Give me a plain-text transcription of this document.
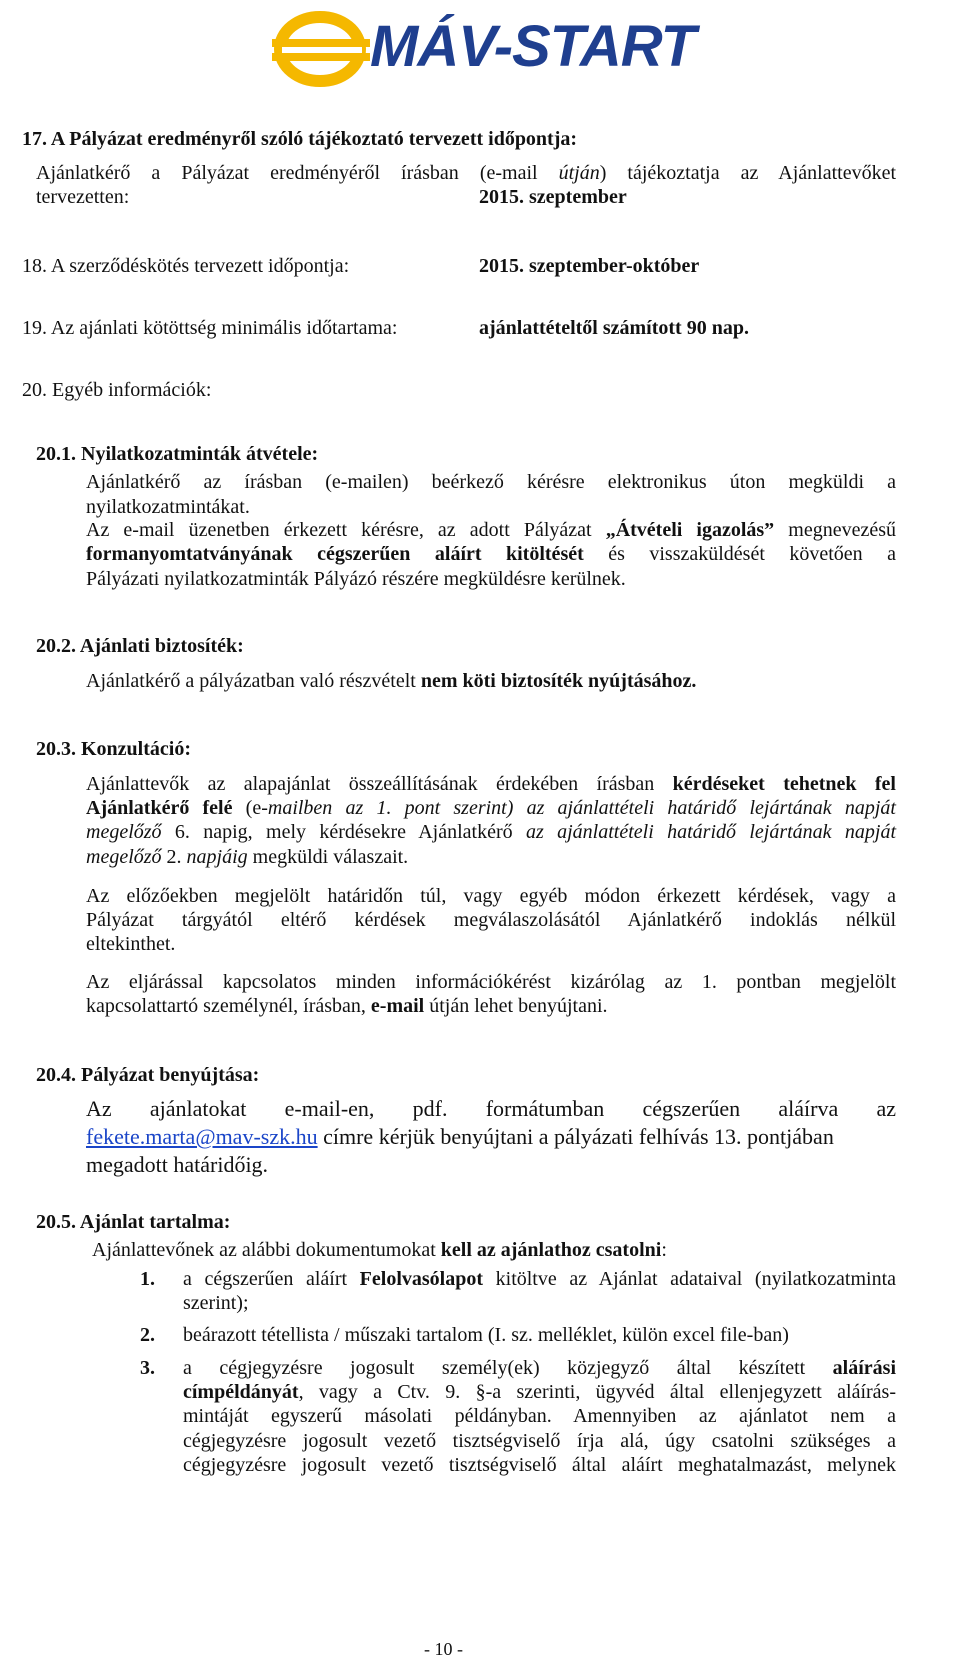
MÁV-START
17. A Pályázat eredményről szóló tájékoztató tervezett időpontja:
Ajánlatkérő a Pályázat eredményéről írásban (e-mail útján) tájékoztatja az Ajánlattevőket
tervezetten:	2015. szeptember
18. A szerződéskötés tervezett időpontja:	2015. szeptember-október
19. Az ajánlati kötöttség minimális időtartama:	ajánlattételtől számított 90 nap.
20. Egyéb információk:
20.1. Nyilatkozatminták átvétele:
Ajánlatkérő az írásban (e-mailen) beérkező kérésre elektronikus úton megküldi a
nyilatkozatmintákat.
Az e-mail üzenetben érkezett kérésre, az adott Pályázat „Átvételi igazolás” megnevezésű
formanyomtatványának cégszerűen aláírt kitöltését és visszaküldését követően a
Pályázati nyilatkozatminták Pályázó részére megküldésre kerülnek.
20.2. Ajánlati biztosíték:
Ajánlatkérő a pályázatban való részvételt nem köti biztosíték nyújtásához.
20.3. Konzultáció:
Ajánlattevők az alapajánlat összeállításának érdekében írásban kérdéseket tehetnek fel
Ajánlatkérő felé (e-mailben az 1. pont szerint) az ajánlattételi határidő lejártának napját
megelőző 6. napig, mely kérdésekre Ajánlatkérő az ajánlattételi határidő lejártának napját
megelőző 2. napjáig megküldi válaszait.
Az előzőekben megjelölt határidőn túl, vagy egyéb módon érkezett kérdések, vagy a
Pályázat tárgyától eltérő kérdések megválaszolásától Ajánlatkérő indoklás nélkül
eltekinthet.
Az eljárással kapcsolatos minden információkérést kizárólag az 1. pontban megjelölt
kapcsolattartó személynél, írásban, e-mail útján lehet benyújtani.
20.4. Pályázat benyújtása:
Az ajánlatokat e-mail-en, pdf. formátumban cégszerűen aláírva az
fekete.marta@mav-szk.hu címre kérjük benyújtani a pályázati felhívás 13. pontjában
megadott határidőig.
20.5. Ajánlat tartalma:
Ajánlattevőnek az alábbi dokumentumokat kell az ajánlathoz csatolni:
1. a cégszerűen aláírt Felolvasólapot kitöltve az Ajánlat adataival (nyilatkozatminta
szerint);
2. beárazott tétellista / műszaki tartalom (I. sz. melléklet, külön excel file-ban)
3. a cégjegyzésre jogosult személy(ek) közjegyző által készített aláírási
címpéldányát, vagy a Ctv. 9. §-a szerinti, ügyvéd által ellenjegyzett aláírás-
mintáját egyszerű másolati példányban. Amennyiben az ajánlatot nem a
cégjegyzésre jogosult vezető tisztségviselő írja alá, úgy csatolni szükséges a
cégjegyzésre jogosult vezető tisztségviselő által aláírt meghatalmazást, melynek
- 10 -
